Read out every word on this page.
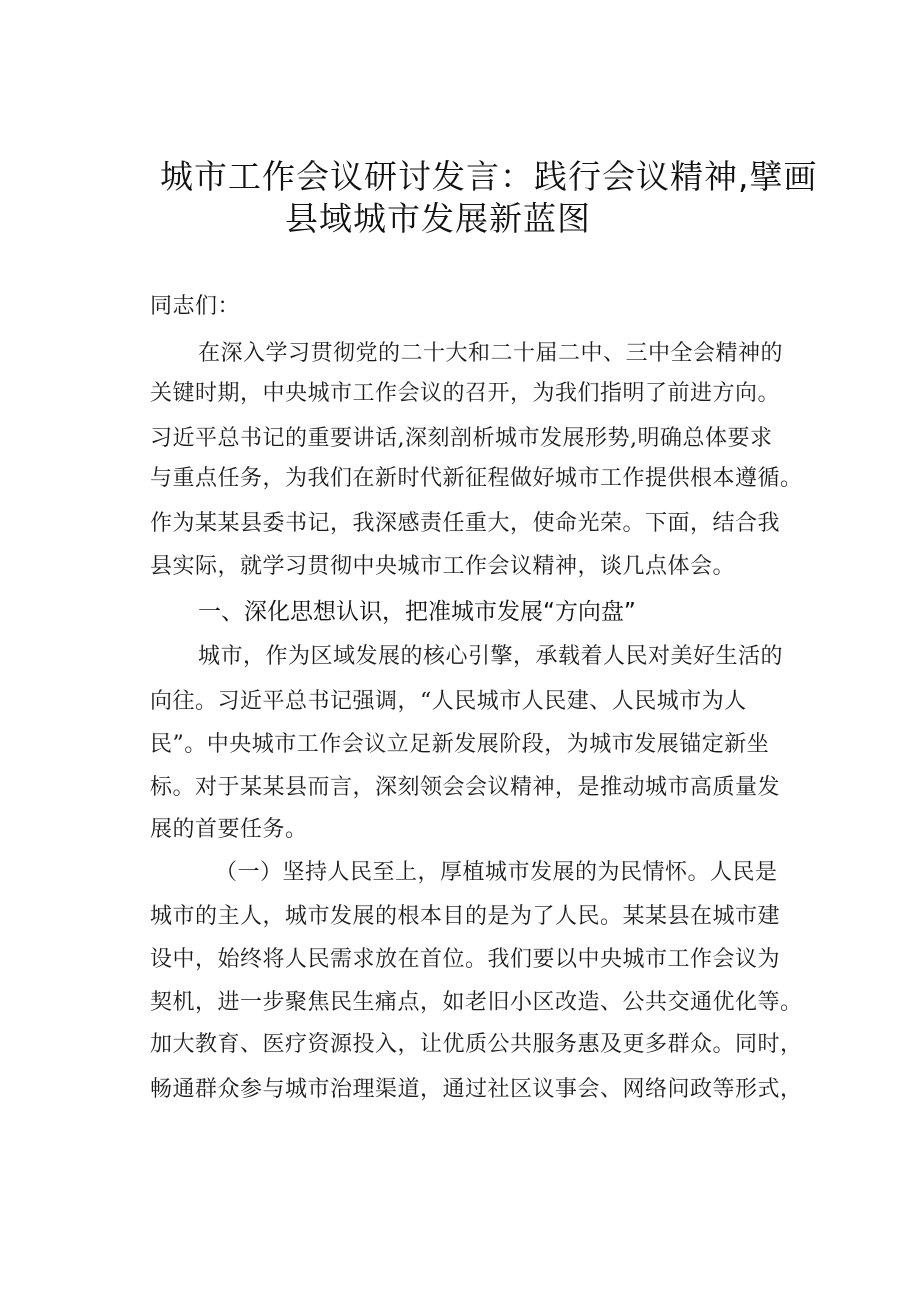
城市工作会议研讨发言：践行会议精神,擘画
县域城市发展新蓝图
同志们：
在深入学习贯彻党的二十大和二十届二中、三中全会精神的
关键时期，中央城市工作会议的召开，为我们指明了前进方向。
习近平总书记的重要讲话,深刻剖析城市发展形势,明确总体要求
与重点任务，为我们在新时代新征程做好城市工作提供根本遵循。
作为某某县委书记，我深感责任重大，使命光荣。下面，结合我
县实际，就学习贯彻中央城市工作会议精神，谈几点体会。
一、深化思想认识，把准城市发展“方向盘”
城市，作为区域发展的核心引擎，承载着人民对美好生活的
向往。习近平总书记强调，“人民城市人民建、人民城市为人
民”。中央城市工作会议立足新发展阶段，为城市发展锚定新坐
标。对于某某县而言，深刻领会会议精神，是推动城市高质量发
展的首要任务。
（一）坚持人民至上，厚植城市发展的为民情怀。人民是
城市的主人，城市发展的根本目的是为了人民。某某县在城市建
设中，始终将人民需求放在首位。我们要以中央城市工作会议为
契机，进一步聚焦民生痛点，如老旧小区改造、公共交通优化等。
加大教育、医疗资源投入，让优质公共服务惠及更多群众。同时，
畅通群众参与城市治理渠道，通过社区议事会、网络问政等形式，
